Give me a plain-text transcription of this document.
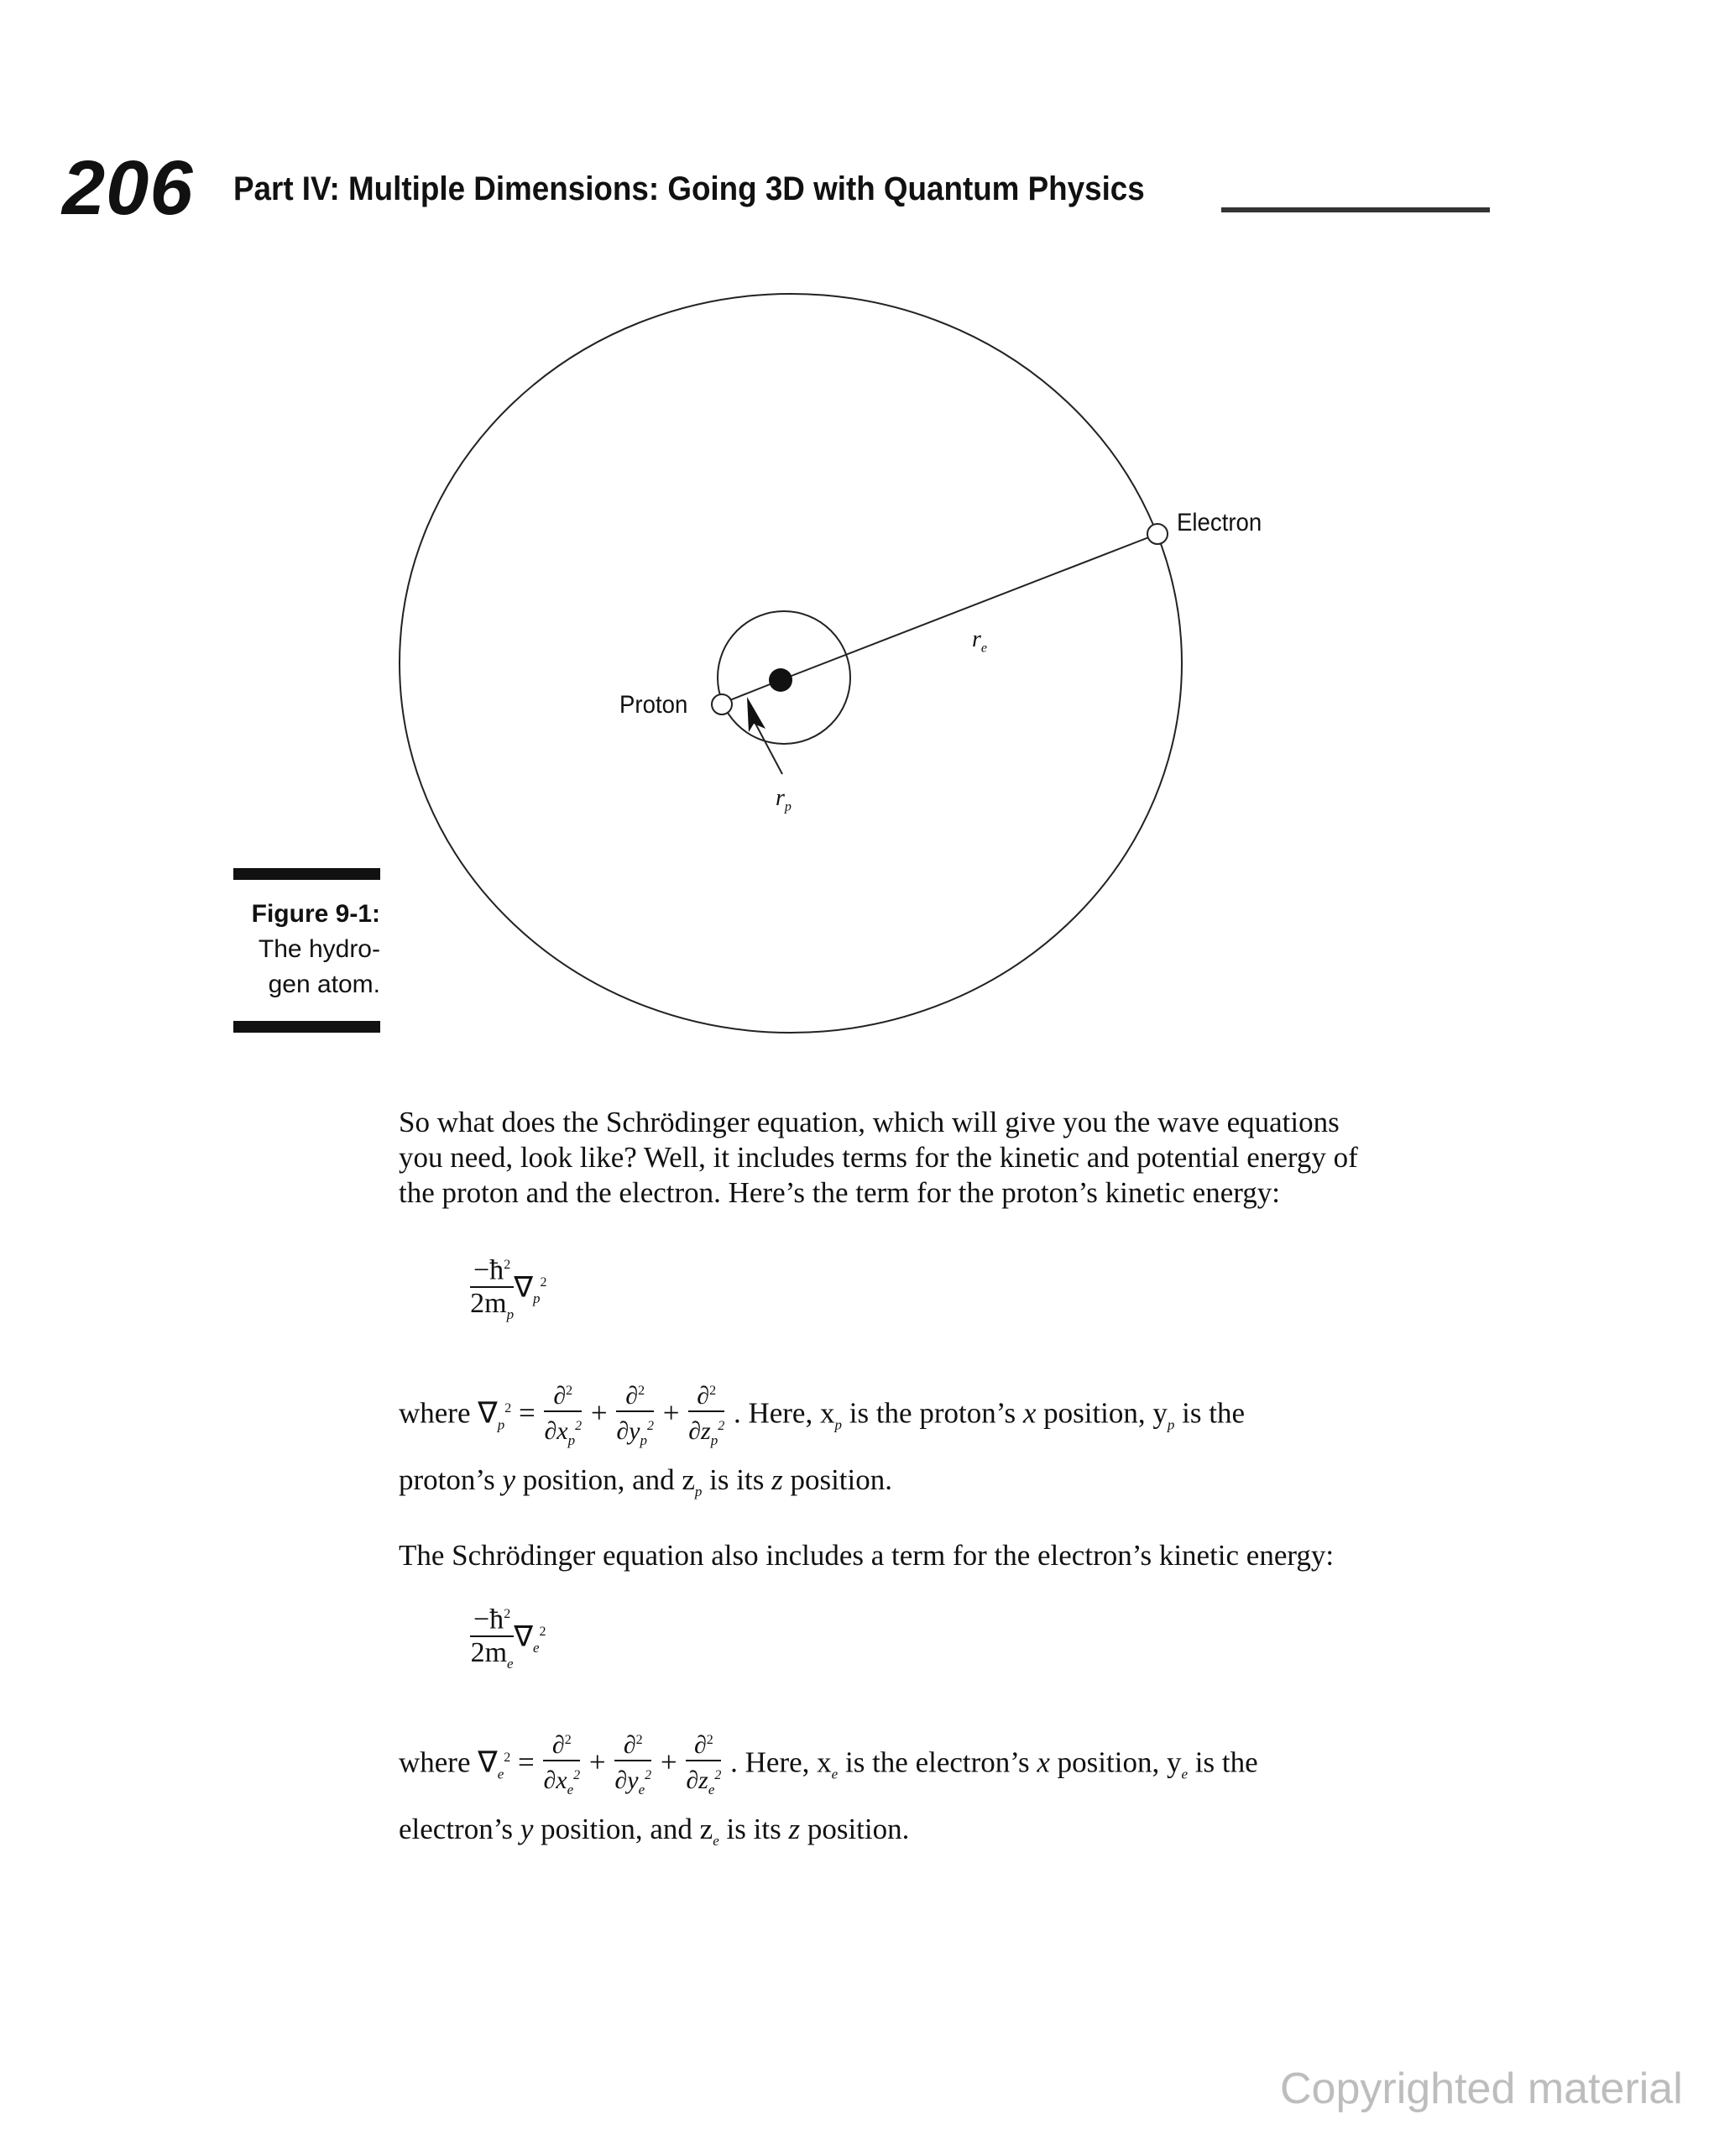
206 Part IV: Multiple Dimensions: Going 3D with Quantum Physics
Electron
Proton
$r_e$
$r_p$
Figure 9-1:
The hydro-
gen atom.
So what does the Schrödinger equation, which will give you the wave equations
you need, look like? Well, it includes terms for the kinetic and potential energy of
the proton and the electron. Here’s the term for the proton’s kinetic energy:
$\frac{-ħ^2}{2m_p} \nabla_p^2$
where $\nabla_p^2 = \frac{\partial^2}{\partial x_p^2} + \frac{\partial^2}{\partial y_p^2} + \frac{\partial^2}{\partial z_p^2}$ . Here, $x_p$ is the proton’s x position, $y_p$ is the
proton’s y position, and $z_p$ is its z position.
The Schrödinger equation also includes a term for the electron’s kinetic energy:
$\frac{-ħ^2}{2m_e} \nabla_e^2$
where $\nabla_e^2 = \frac{\partial^2}{\partial x_e^2} + \frac{\partial^2}{\partial y_e^2} + \frac{\partial^2}{\partial z_e^2}$ . Here, $x_e$ is the electron’s x position, $y_e$ is the
electron’s y position, and $z_e$ is its z position.
Copyrighted material
